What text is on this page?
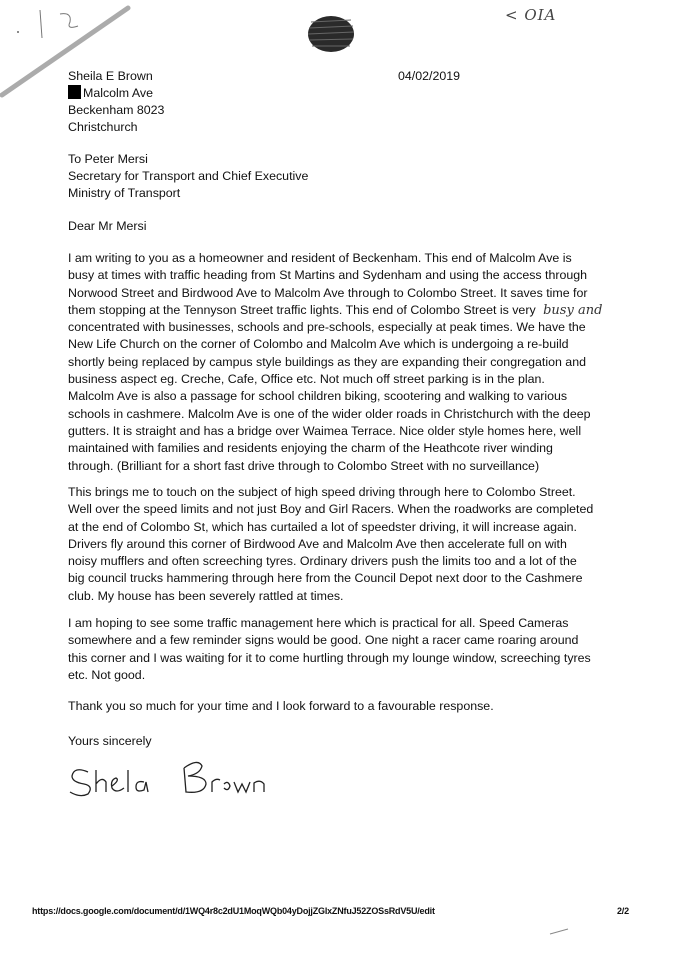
< OIA
04/02/2019
Sheila E Brown
Malcolm Ave
Beckenham 8023
Christchurch
To Peter Mersi
Secretary for Transport and Chief Executive
Ministry of Transport
Dear Mr Mersi
I am writing to you as a homeowner and resident of Beckenham. This end of Malcolm Ave is
busy at times with traffic heading from St Martins and Sydenham and using the access through
Norwood Street and Birdwood Ave to Malcolm Ave through to Colombo Street. It saves time for
them stopping at the Tennyson Street traffic lights. This end of Colombo Street is very busy and
concentrated with businesses, schools and pre-schools, especially at peak times. We have the
New Life Church on the corner of Colombo and Malcolm Ave which is undergoing a re-build
shortly being replaced by campus style buildings as they are expanding their congregation and
business aspect eg. Creche, Cafe, Office etc. Not much off street parking is in the plan.
Malcolm Ave is also a passage for school children biking, scootering and walking to various
schools in cashmere. Malcolm Ave is one of the wider older roads in Christchurch with the deep
gutters. It is straight and has a bridge over Waimea Terrace. Nice older style homes here, well
maintained with families and residents enjoying the charm of the Heathcote river winding
through. (Brilliant for a short fast drive through to Colombo Street with no surveillance)
This brings me to touch on the subject of high speed driving through here to Colombo Street.
Well over the speed limits and not just Boy and Girl Racers. When the roadworks are completed
at the end of Colombo St, which has curtailed a lot of speedster driving, it will increase again.
Drivers fly around this corner of Birdwood Ave and Malcolm Ave then accelerate full on with
noisy mufflers and often screeching tyres. Ordinary drivers push the limits too and a lot of the
big council trucks hammering through here from the Council Depot next door to the Cashmere
club. My house has been severely rattled at times.
I am hoping to see some traffic management here which is practical for all. Speed Cameras
somewhere and a few reminder signs would be good. One night a racer came roaring around
this corner and I was waiting for it to come hurtling through my lounge window, screeching tyres
etc. Not good.
Thank you so much for your time and I look forward to a favourable response.
Yours sincerely
https://docs.google.com/document/d/1WQ4r8c2dU1MoqWQb04yDojjZGlxZNfuJ52ZOSsRdV5U/edit	2/2
